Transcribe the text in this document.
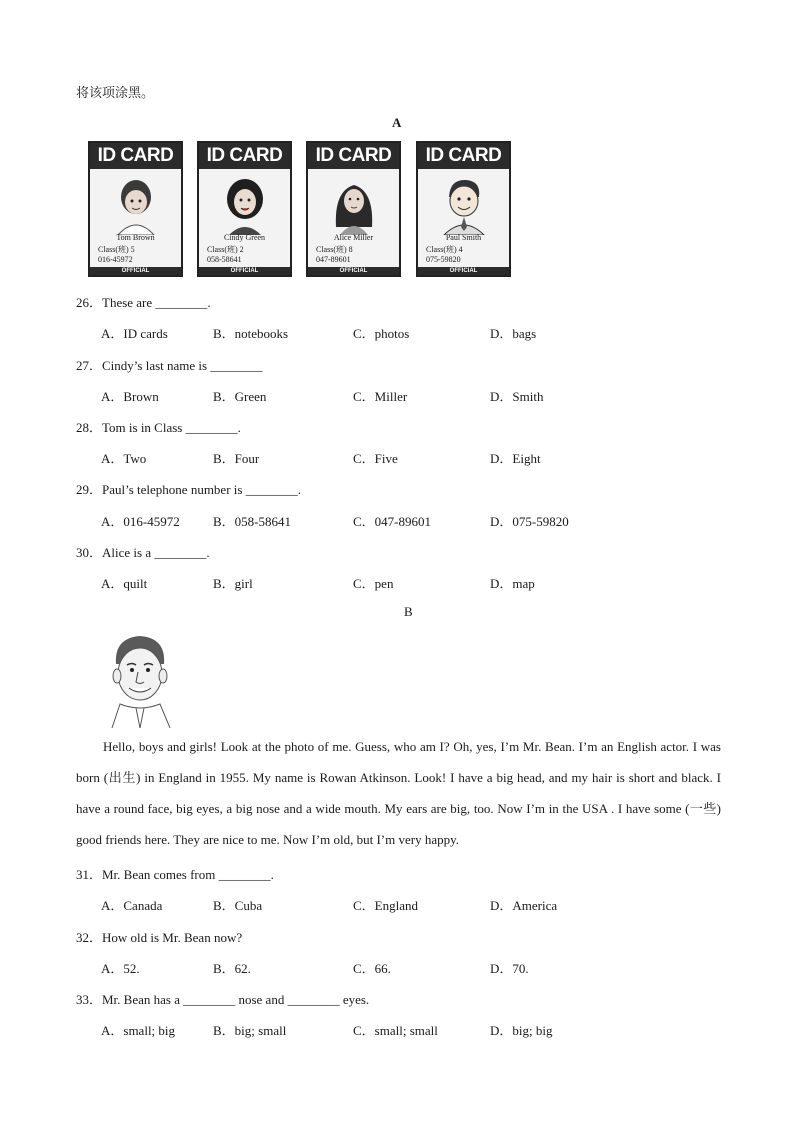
将该项涂黑。
A
ID CARD
Tom Brown
Class(班) 5
016-45972
OFFICIAL
ID CARD
Cindy Green
Class(班) 2
058-58641
OFFICIAL
ID CARD
Alice Miller
Class(班) 8
047-89601
OFFICIAL
ID CARD
Paul Smith
Class(班) 4
075-59820
OFFICIAL
26．These are ________.
A．ID cards	B．notebooks	C．photos	D．bags
27．Cindy’s last name is ________
A．Brown	B．Green	C．Miller	D．Smith
28．Tom is in Class ________.
A．Two	B．Four	C．Five	D．Eight
29．Paul’s telephone number is ________.
A．016-45972	B．058-58641	C．047-89601	D．075-59820
30．Alice is a ________.
A．quilt	B．girl	C．pen	D．map
B
Hello, boys and girls! Look at the photo of me. Guess, who am I? Oh, yes, I’m Mr. Bean. I’m an English actor. I was born (出生) in England in 1955. My name is Rowan Atkinson. Look! I have a big head, and my hair is short and black. I have a round face, big eyes, a big nose and a wide mouth. My ears are big, too. Now I’m in the USA . I have some (一些) good friends here. They are nice to me. Now I’m old, but I’m very happy.
31．Mr. Bean comes from ________.
A．Canada	B．Cuba	C．England	D．America
32．How old is Mr. Bean now?
A．52.	B．62.	C．66.	D．70.
33．Mr. Bean has a ________ nose and ________ eyes.
A．small; big	B．big; small	C．small; small	D．big; big
